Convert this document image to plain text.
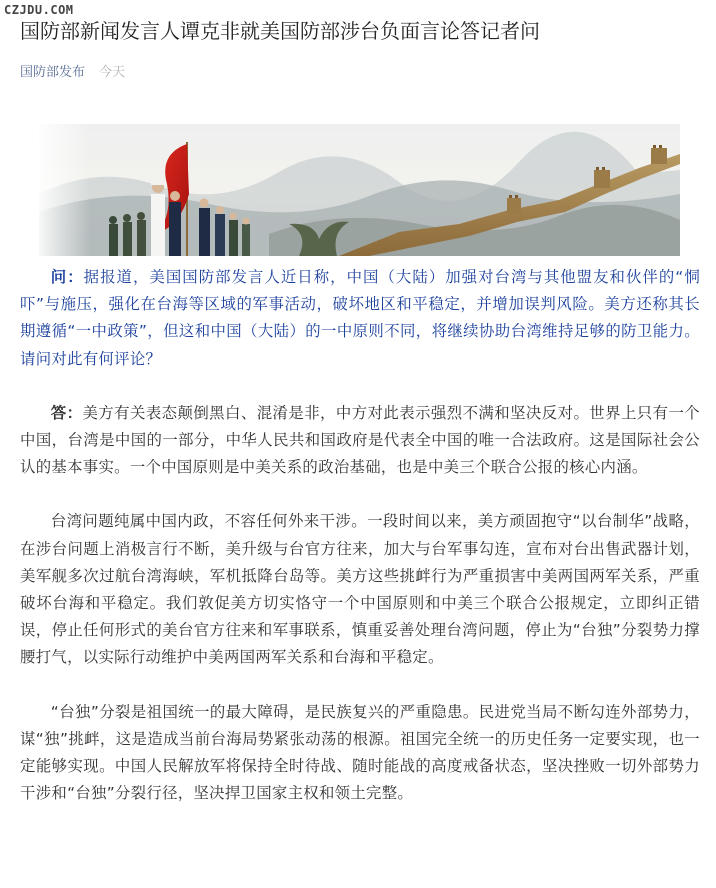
CZJDU.COM
国防部新闻发言人谭克非就美国防部涉台负面言论答记者问
国防部发布 今天

问：据报道，美国国防部发言人近日称，中国（大陆）加强对台湾与其他盟友和伙伴的“恫吓”与施压，强化在台海等区域的军事活动，破坏地区和平稳定，并增加误判风险。美方还称其长期遵循“一中政策”，但这和中国（大陆）的一中原则不同，将继续协助台湾维持足够的防卫能力。请问对此有何评论？

答：美方有关表态颠倒黑白、混淆是非，中方对此表示强烈不满和坚决反对。世界上只有一个中国，台湾是中国的一部分，中华人民共和国政府是代表全中国的唯一合法政府。这是国际社会公认的基本事实。一个中国原则是中美关系的政治基础，也是中美三个联合公报的核心内涵。

台湾问题纯属中国内政，不容任何外来干涉。一段时间以来，美方顽固抱守“以台制华”战略，在涉台问题上消极言行不断，美升级与台官方往来，加大与台军事勾连，宣布对台出售武器计划，美军舰多次过航台湾海峡，军机抵降台岛等。美方这些挑衅行为严重损害中美两国两军关系，严重破坏台海和平稳定。我们敦促美方切实恪守一个中国原则和中美三个联合公报规定，立即纠正错误，停止任何形式的美台官方往来和军事联系，慎重妥善处理台湾问题，停止为“台独”分裂势力撑腰打气，以实际行动维护中美两国两军关系和台海和平稳定。

“台独”分裂是祖国统一的最大障碍，是民族复兴的严重隐患。民进党当局不断勾连外部势力，谋“独”挑衅，这是造成当前台海局势紧张动荡的根源。祖国完全统一的历史任务一定要实现，也一定能够实现。中国人民解放军将保持全时待战、随时能战的高度戒备状态，坚决挫败一切外部势力干涉和“台独”分裂行径，坚决捍卫国家主权和领土完整。
